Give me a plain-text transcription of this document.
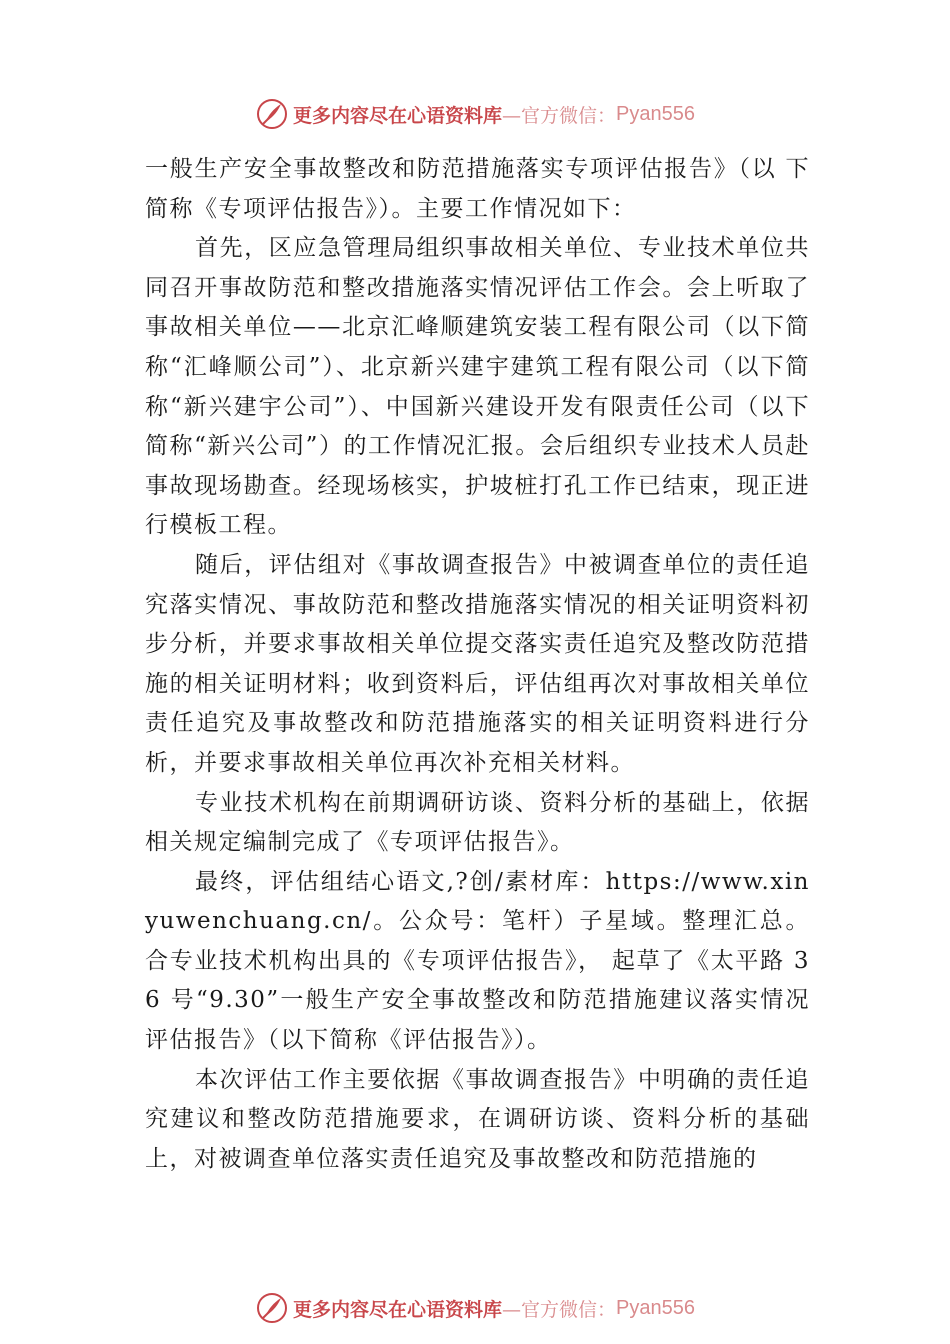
更多内容尽在心语资料库 —官方微信： Pyan556

一般生产安全事故整改和防范措施落实专项评估报告》（以 下简称《专项评估报告》）。主要工作情况如下：

首先，区应急管理局组织事故相关单位、专业技术单位共同召开事故防范和整改措施落实情况评估工作会。会上听取了事故相关单位——北京汇峰顺建筑安装工程有限公司（以下简称“汇峰顺公司”）、北京新兴建宇建筑工程有限公司（以下简称“新兴建宇公司”）、中国新兴建设开发有限责任公司（以下简称“新兴公司”）的工作情况汇报。会后组织专业技术人员赴事故现场勘查。经现场核实，护坡桩打孔工作已结束，现正进行模板工程。

随后，评估组对《事故调查报告》中被调查单位的责任追究落实情况、事故防范和整改措施落实情况的相关证明资料初步分析，并要求事故相关单位提交落实责任追究及整改防范措施的相关证明材料；收到资料后，评估组再次对事故相关单位责任追究及事故整改和防范措施落实的相关证明资料进行分析，并要求事故相关单位再次补充相关材料。

专业技术机构在前期调研访谈、资料分析的基础上，依据相关规定编制完成了《专项评估报告》。

最终，评估组结心语文,?创/素材库：https://www.xinyuwenchuang.cn/。公众号：笔杆）子星域。整理汇总。合专业技术机构出具的《专项评估报告》， 起草了《太平路 36 号“9.30”一般生产安全事故整改和防范措施建议落实情况评估报告》（以下简称《评估报告》）。

本次评估工作主要依据《事故调查报告》中明确的责任追究建议和整改防范措施要求，在调研访谈、资料分析的基础上，对被调查单位落实责任追究及事故整改和防范措施的

更多内容尽在心语资料库 —官方微信： Pyan556
